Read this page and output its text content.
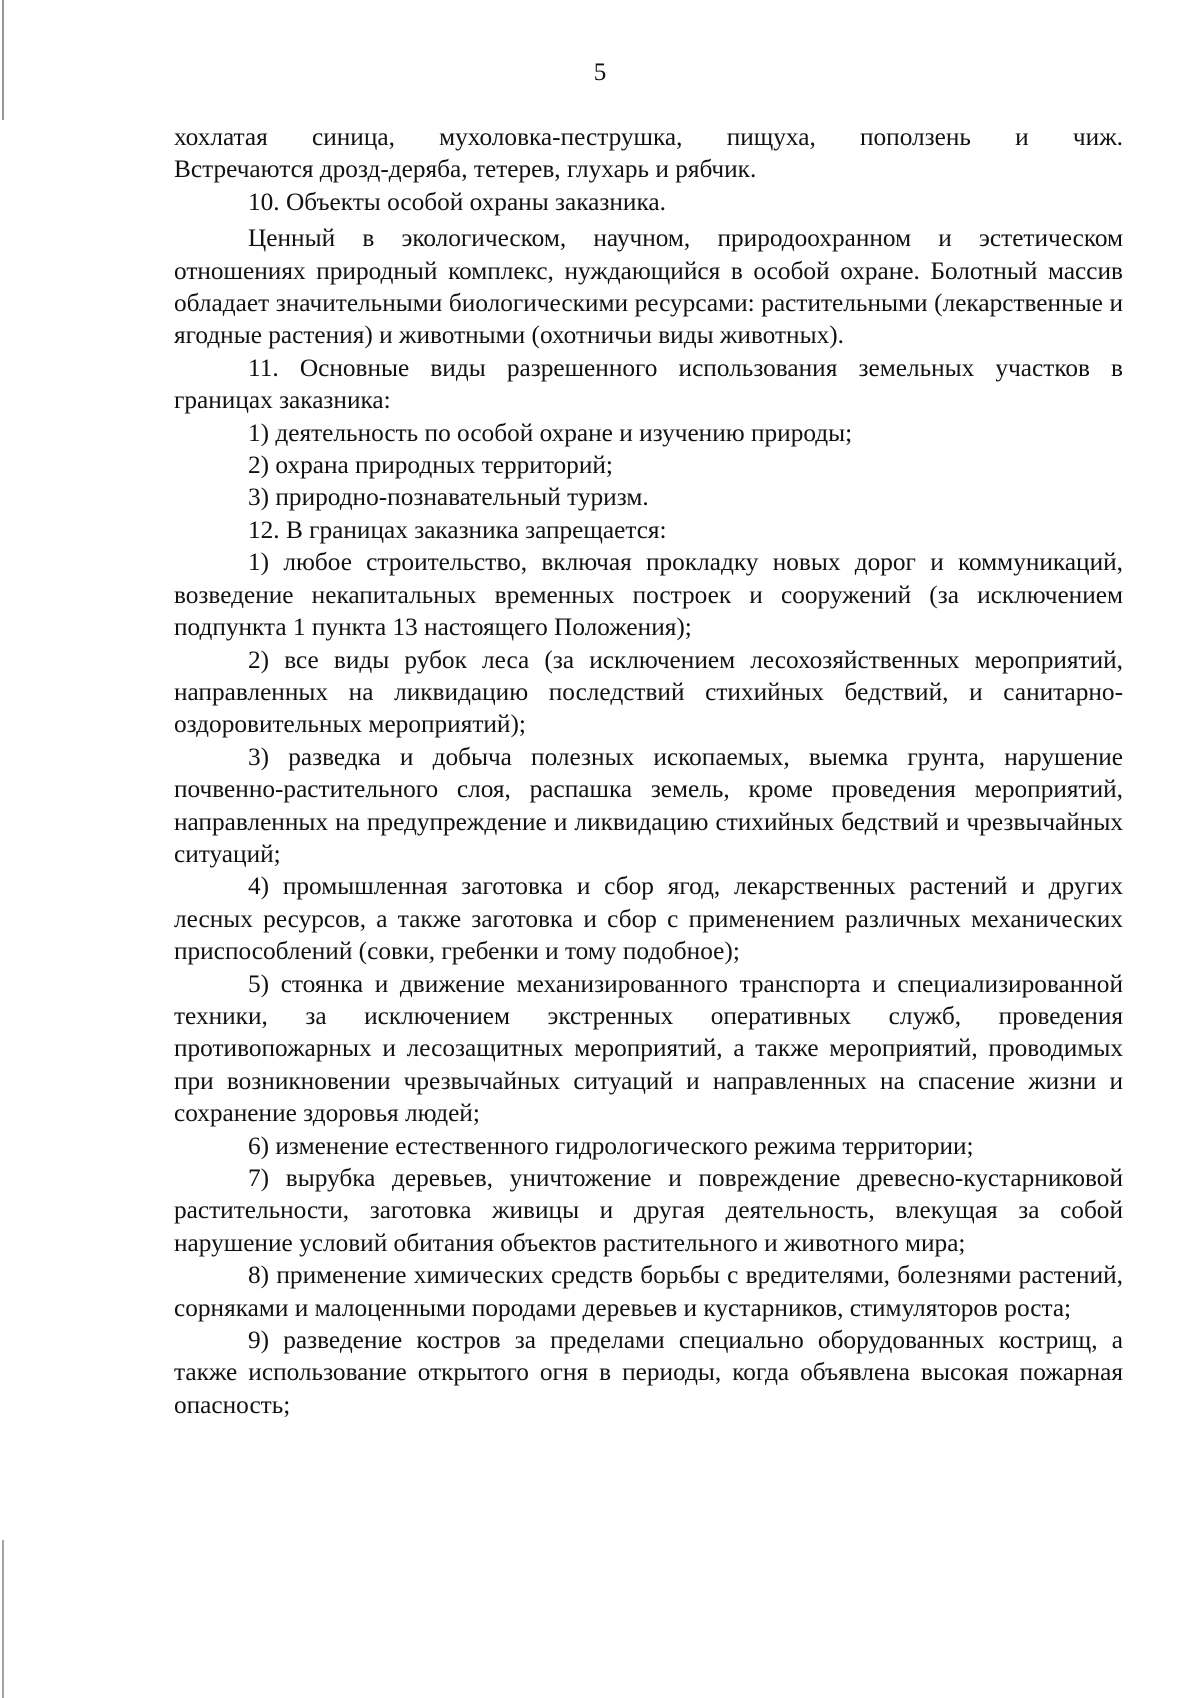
5

хохлатая синица, мухоловка-пеструшка, пищуха, поползень и чиж.

Встречаются дрозд-деряба, тетерев, глухарь и рябчик.

10. Объекты особой охраны заказника.

Ценный в экологическом, научном, природоохранном и эстетическом отношениях природный комплекс, нуждающийся в особой охране. Болотный массив обладает значительными биологическими ресурсами: растительными (лекарственные и ягодные растения) и животными (охотничьи виды животных).

11. Основные виды разрешенного использования земельных участков в границах заказника:

1) деятельность по особой охране и изучению природы;

2) охрана природных территорий;

3) природно-познавательный туризм.

12. В границах заказника запрещается:

1) любое строительство, включая прокладку новых дорог и коммуникаций, возведение некапитальных временных построек и сооружений (за исключением подпункта 1 пункта 13 настоящего Положения);

2) все виды рубок леса (за исключением лесохозяйственных мероприятий, направленных на ликвидацию последствий стихийных бедствий, и санитарно-оздоровительных мероприятий);

3) разведка и добыча полезных ископаемых, выемка грунта, нарушение почвенно-растительного слоя, распашка земель, кроме проведения мероприятий, направленных на предупреждение и ликвидацию стихийных бедствий и чрезвычайных ситуаций;

4) промышленная заготовка и сбор ягод, лекарственных растений и других лесных ресурсов, а также заготовка и сбор с применением различных механических приспособлений (совки, гребенки и тому подобное);

5) стоянка и движение механизированного транспорта и специализированной техники, за исключением экстренных оперативных служб, проведения противопожарных и лесозащитных мероприятий, а также мероприятий, проводимых при возникновении чрезвычайных ситуаций и направленных на спасение жизни и сохранение здоровья людей;

6) изменение естественного гидрологического режима территории;

7) вырубка деревьев, уничтожение и повреждение древесно-кустарниковой растительности, заготовка живицы и другая деятельность, влекущая за собой нарушение условий обитания объектов растительного и животного мира;

8) применение химических средств борьбы с вредителями, болезнями растений, сорняками и малоценными породами деревьев и кустарников, стимуляторов роста;

9) разведение костров за пределами специально оборудованных кострищ, а также использование открытого огня в периоды, когда объявлена высокая пожарная опасность;
